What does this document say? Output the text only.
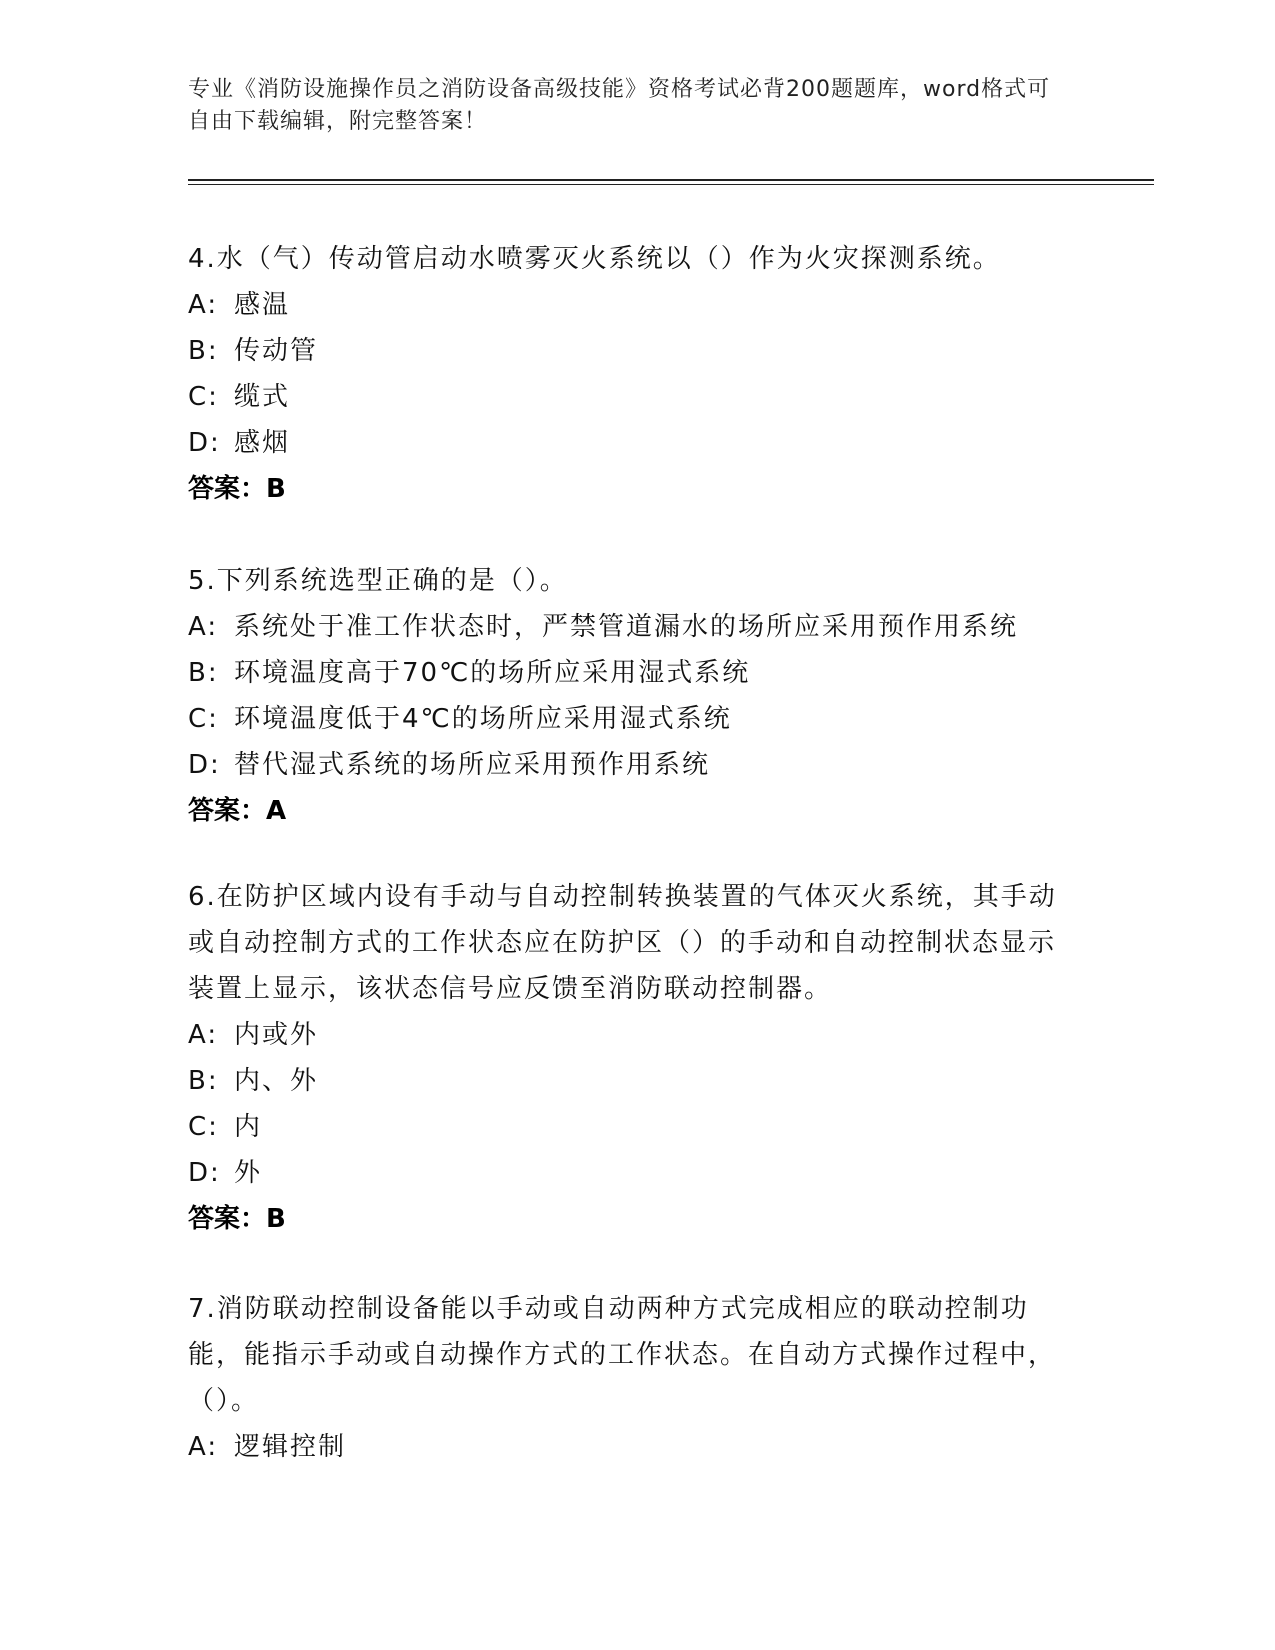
专业《消防设施操作员之消防设备高级技能》资格考试必背200题题库，word格式可自由下载编辑，附完整答案！
4.水（气）传动管启动水喷雾灭火系统以（）作为火灾探测系统。
A: 感温
B: 传动管
C: 缆式
D: 感烟
答案：B
5.下列系统选型正确的是（）。
A: 系统处于准工作状态时，严禁管道漏水的场所应采用预作用系统
B: 环境温度高于70℃的场所应采用湿式系统
C: 环境温度低于4℃的场所应采用湿式系统
D: 替代湿式系统的场所应采用预作用系统
答案：A
6.在防护区域内设有手动与自动控制转换装置的气体灭火系统，其手动或自动控制方式的工作状态应在防护区（）的手动和自动控制状态显示装置上显示，该状态信号应反馈至消防联动控制器。
A: 内或外
B: 内、外
C: 内
D: 外
答案：B
7.消防联动控制设备能以手动或自动两种方式完成相应的联动控制功能，能指示手动或自动操作方式的工作状态。在自动方式操作过程中，（）。
A: 逻辑控制
